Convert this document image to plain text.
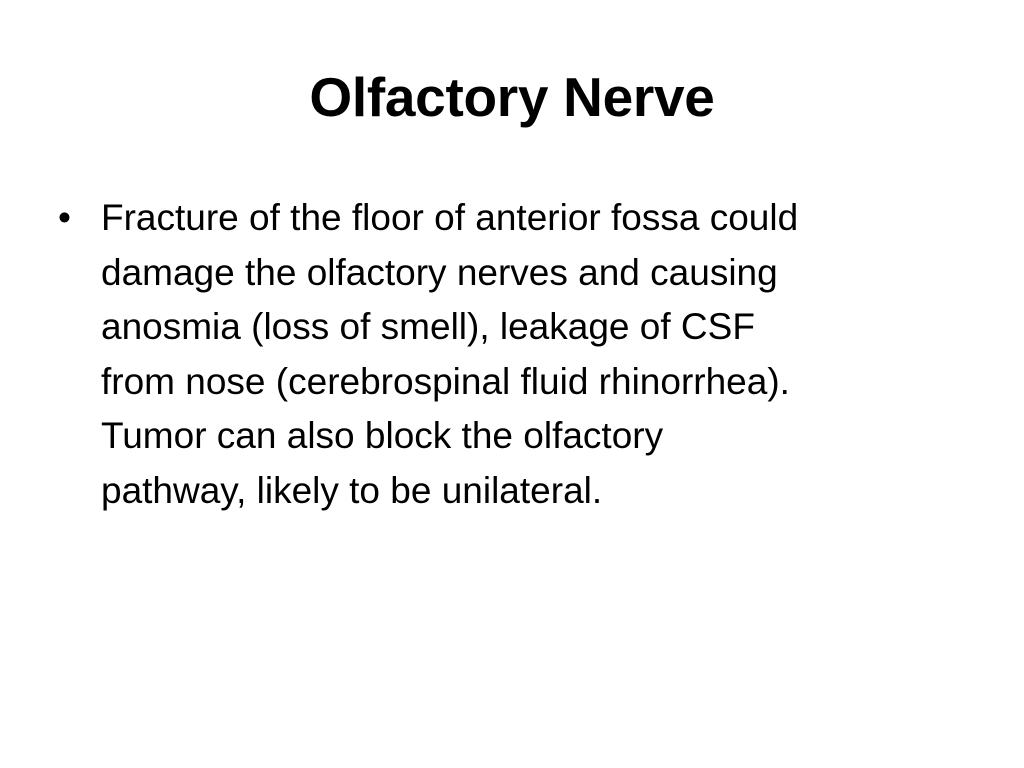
Olfactory Nerve
• Fracture of the floor of anterior fossa could
damage the olfactory nerves and causing
anosmia (loss of smell), leakage of CSF
from nose (cerebrospinal fluid rhinorrhea).
Tumor can also block the olfactory
pathway, likely to be unilateral.
